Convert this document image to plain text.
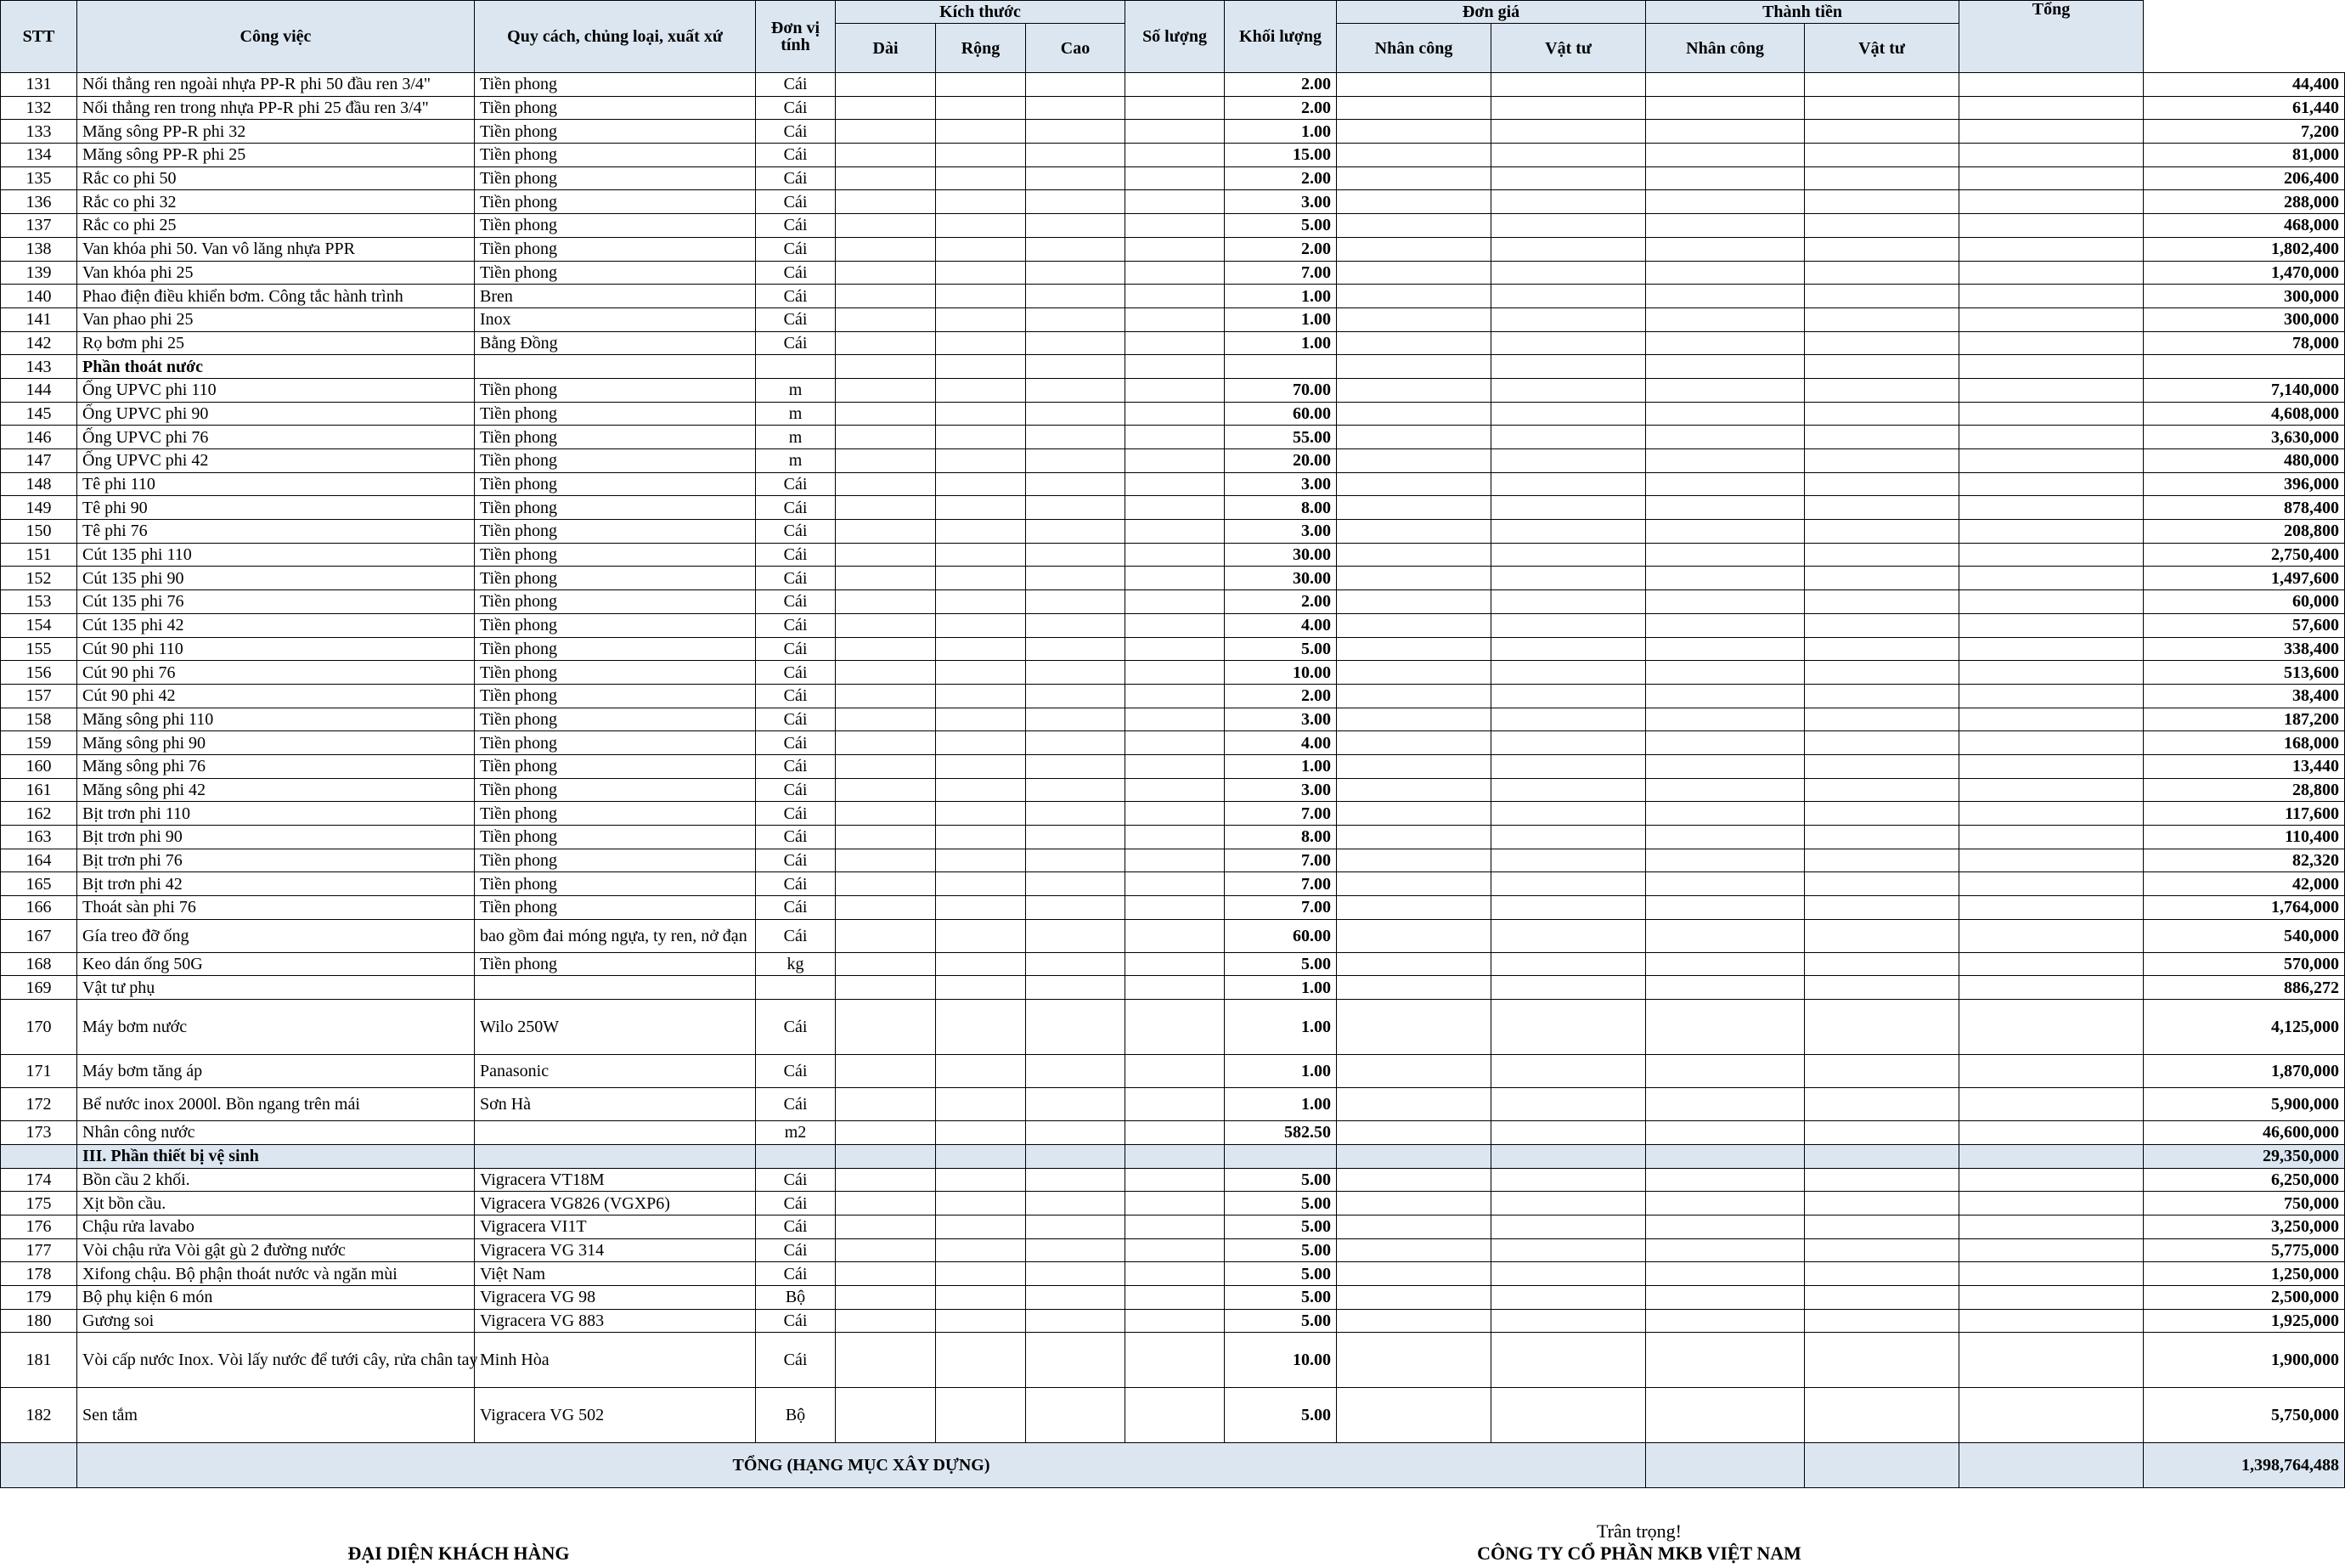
STT	Công việc	Quy cách, chủng loại, xuất xứ	Đơn vị tính	Kích thước			Số lượng	Khối lượng	Đơn giá		Thành tiền		Tổng	
				Dài	Rộng	Cao			Nhân công	Vật tư	Nhân công	Vật tư		
131	Nối thẳng ren ngoài nhựa PP-R phi 50 đầu ren 3/4"	Tiền phong	Cái					2.00						44,400
132	Nối thẳng ren trong nhựa PP-R phi 25 đầu ren 3/4"	Tiền phong	Cái					2.00						61,440
133	Măng sông PP-R phi 32	Tiền phong	Cái					1.00						7,200
134	Măng sông PP-R phi 25	Tiền phong	Cái					15.00						81,000
135	Rắc co phi 50	Tiền phong	Cái					2.00						206,400
136	Rắc co phi 32	Tiền phong	Cái					3.00						288,000
137	Rắc co phi 25	Tiền phong	Cái					5.00						468,000
138	Van khóa phi 50. Van vô lăng nhựa PPR	Tiền phong	Cái					2.00						1,802,400
139	Van khóa phi 25	Tiền phong	Cái					7.00						1,470,000
140	Phao điện điều khiển bơm. Công tắc hành trình	Bren	Cái					1.00						300,000
141	Van phao phi 25	Inox	Cái					1.00						300,000
142	Rọ bơm phi 25	Bằng Đồng	Cái					1.00						78,000
143	Phần thoát nước													
144	Ống UPVC phi 110	Tiền phong	m					70.00						7,140,000
145	Ống UPVC phi 90	Tiền phong	m					60.00						4,608,000
146	Ống UPVC phi 76	Tiền phong	m					55.00						3,630,000
147	Ống UPVC phi 42	Tiền phong	m					20.00						480,000
148	Tê phi 110	Tiền phong	Cái					3.00						396,000
149	Tê phi 90	Tiền phong	Cái					8.00						878,400
150	Tê phi 76	Tiền phong	Cái					3.00						208,800
151	Cút 135 phi 110	Tiền phong	Cái					30.00						2,750,400
152	Cút 135 phi 90	Tiền phong	Cái					30.00						1,497,600
153	Cút 135 phi 76	Tiền phong	Cái					2.00						60,000
154	Cút 135 phi 42	Tiền phong	Cái					4.00						57,600
155	Cút 90 phi 110	Tiền phong	Cái					5.00						338,400
156	Cút 90 phi 76	Tiền phong	Cái					10.00						513,600
157	Cút 90 phi 42	Tiền phong	Cái					2.00						38,400
158	Măng sông phi 110	Tiền phong	Cái					3.00						187,200
159	Măng sông phi 90	Tiền phong	Cái					4.00						168,000
160	Măng sông phi 76	Tiền phong	Cái					1.00						13,440
161	Măng sông phi 42	Tiền phong	Cái					3.00						28,800
162	Bịt trơn phi 110	Tiền phong	Cái					7.00						117,600
163	Bịt trơn phi 90	Tiền phong	Cái					8.00						110,400
164	Bịt trơn phi 76	Tiền phong	Cái					7.00						82,320
165	Bịt trơn phi 42	Tiền phong	Cái					7.00						42,000
166	Thoát sàn phi 76	Tiền phong	Cái					7.00						1,764,000
167	Gía treo đỡ ống	bao gồm đai móng ngựa, ty ren, nở đạn	Cái					60.00						540,000
168	Keo dán ống 50G	Tiền phong	kg					5.00						570,000
169	Vật tư phụ							1.00						886,272
170	Máy bơm nước	Wilo 250W	Cái					1.00						4,125,000
171	Máy bơm tăng áp	Panasonic	Cái					1.00						1,870,000
172	Bể nước inox 2000l. Bồn ngang trên mái	Sơn Hà	Cái					1.00						5,900,000
173	Nhân công nước		m2					582.50						46,600,000
	III. Phần thiết bị vệ sinh													29,350,000
174	Bồn cầu 2 khối.	Vigracera VT18M	Cái					5.00						6,250,000
175	Xịt bồn cầu.	Vigracera VG826 (VGXP6)	Cái					5.00						750,000
176	Chậu rửa lavabo	Vigracera VI1T	Cái					5.00						3,250,000
177	Vòi chậu rửa Vòi gật gù 2 đường nước	Vigracera VG 314	Cái					5.00						5,775,000
178	Xifong chậu. Bộ phận thoát nước và ngăn mùi	Việt Nam	Cái					5.00						1,250,000
179	Bộ phụ kiện 6 món	Vigracera VG 98	Bộ					5.00						2,500,000
180	Gương soi	Vigracera VG 883	Cái					5.00						1,925,000
181	Vòi cấp nước Inox. Vòi lấy nước để tưới cây, rửa chân tay	Minh Hòa	Cái					10.00						1,900,000
182	Sen tắm	Vigracera VG 502	Bộ					5.00						5,750,000
	TỔNG (HẠNG MỤC XÂY DỰNG)													1,398,764,488
ĐẠI DIỆN KHÁCH HÀNG
Trân trọng!
CÔNG TY CỔ PHẦN MKB VIỆT NAM
